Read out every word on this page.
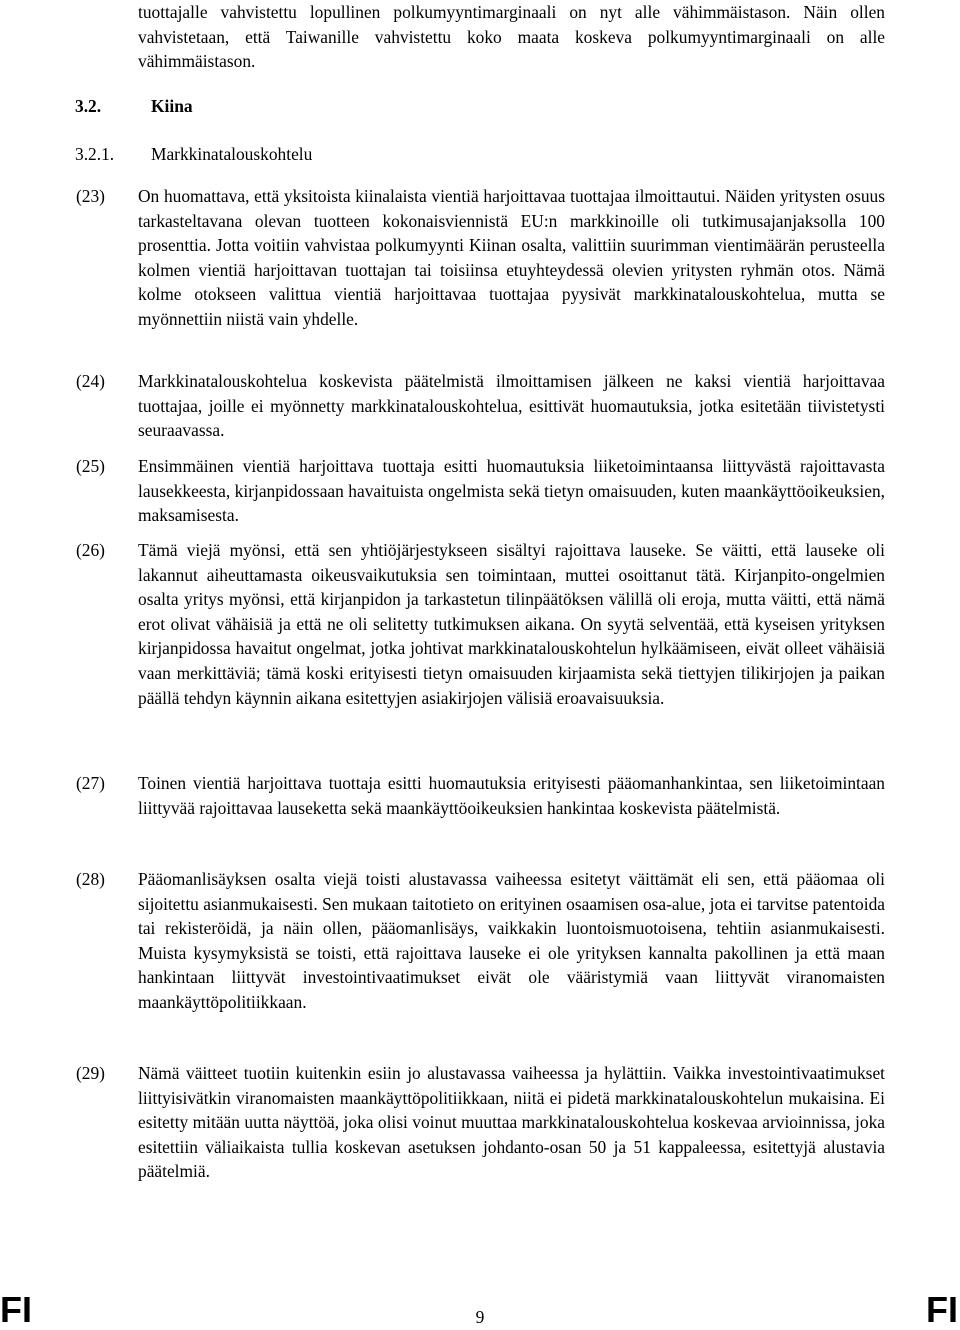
tuottajalle vahvistettu lopullinen polkumyyntimarginaali on nyt alle vähimmäistason. Näin ollen vahvistetaan, että Taiwanille vahvistettu koko maata koskeva polkumyyntimarginaali on alle vähimmäistason.
3.2.	Kiina
3.2.1. Markkinatalouskohtelu
(23) On huomattava, että yksitoista kiinalaista vientiä harjoittavaa tuottajaa ilmoittautui. Näiden yritysten osuus tarkasteltavana olevan tuotteen kokonaisviennistä EU:n markkinoille oli tutkimusajanjaksolla 100 prosenttia. Jotta voitiin vahvistaa polkumyynti Kiinan osalta, valittiin suurimman vientimäärän perusteella kolmen vientiä harjoittavan tuottajan tai toisiinsa etuyhteydessä olevien yritysten ryhmän otos. Nämä kolme otokseen valittua vientiä harjoittavaa tuottajaa pyysivät markkinatalouskohtelua, mutta se myönnettiin niistä vain yhdelle.
(24) Markkinatalouskohtelua koskevista päätelmistä ilmoittamisen jälkeen ne kaksi vientiä harjoittavaa tuottajaa, joille ei myönnetty markkinatalouskohtelua, esittivät huomautuksia, jotka esitetään tiivistetysti seuraavassa.
(25) Ensimmäinen vientiä harjoittava tuottaja esitti huomautuksia liiketoimintaansa liittyvästä rajoittavasta lausekkeesta, kirjanpidossaan havaituista ongelmista sekä tietyn omaisuuden, kuten maankäyttöoikeuksien, maksamisesta.
(26) Tämä viejä myönsi, että sen yhtiöjärjestykseen sisältyi rajoittava lauseke. Se väitti, että lauseke oli lakannut aiheuttamasta oikeusvaikutuksia sen toimintaan, muttei osoittanut tätä. Kirjanpito-ongelmien osalta yritys myönsi, että kirjanpidon ja tarkastetun tilinpäätöksen välillä oli eroja, mutta väitti, että nämä erot olivat vähäisiä ja että ne oli selitetty tutkimuksen aikana. On syytä selventää, että kyseisen yrityksen kirjanpidossa havaitut ongelmat, jotka johtivat markkinatalouskohtelun hylkäämiseen, eivät olleet vähäisiä vaan merkittäviä; tämä koski erityisesti tietyn omaisuuden kirjaamista sekä tiettyjen tilikirjojen ja paikan päällä tehdyn käynnin aikana esitettyjen asiakirjojen välisiä eroavaisuuksia.
(27) Toinen vientiä harjoittava tuottaja esitti huomautuksia erityisesti pääomanhankintaa, sen liiketoimintaan liittyvää rajoittavaa lauseketta sekä maankäyttöoikeuksien hankintaa koskevista päätelmistä.
(28) Pääomanlisäyksen osalta viejä toisti alustavassa vaiheessa esitetyt väittämät eli sen, että pääomaa oli sijoitettu asianmukaisesti. Sen mukaan taitotieto on erityinen osaamisen osa-alue, jota ei tarvitse patentoida tai rekisteröidä, ja näin ollen, pääomanlisäys, vaikkakin luontoismuotoisena, tehtiin asianmukaisesti. Muista kysymyksistä se toisti, että rajoittava lauseke ei ole yrityksen kannalta pakollinen ja että maan hankintaan liittyvät investointivaatimukset eivät ole vääristymiä vaan liittyvät viranomaisten maankäyttöpolitiikkaan.
(29) Nämä väitteet tuotiin kuitenkin esiin jo alustavassa vaiheessa ja hylättiin. Vaikka investointivaatimukset liittyisivätkin viranomaisten maankäyttöpolitiikkaan, niitä ei pidetä markkinatalouskohtelun mukaisina. Ei esitetty mitään uutta näyttöä, joka olisi voinut muuttaa markkinatalouskohtelua koskevaa arvioinnissa, joka esitettiin väliaikaista tullia koskevan asetuksen johdanto-osan 50 ja 51 kappaleessa, esitettyjä alustavia päätelmiä.
FI	9	FI
